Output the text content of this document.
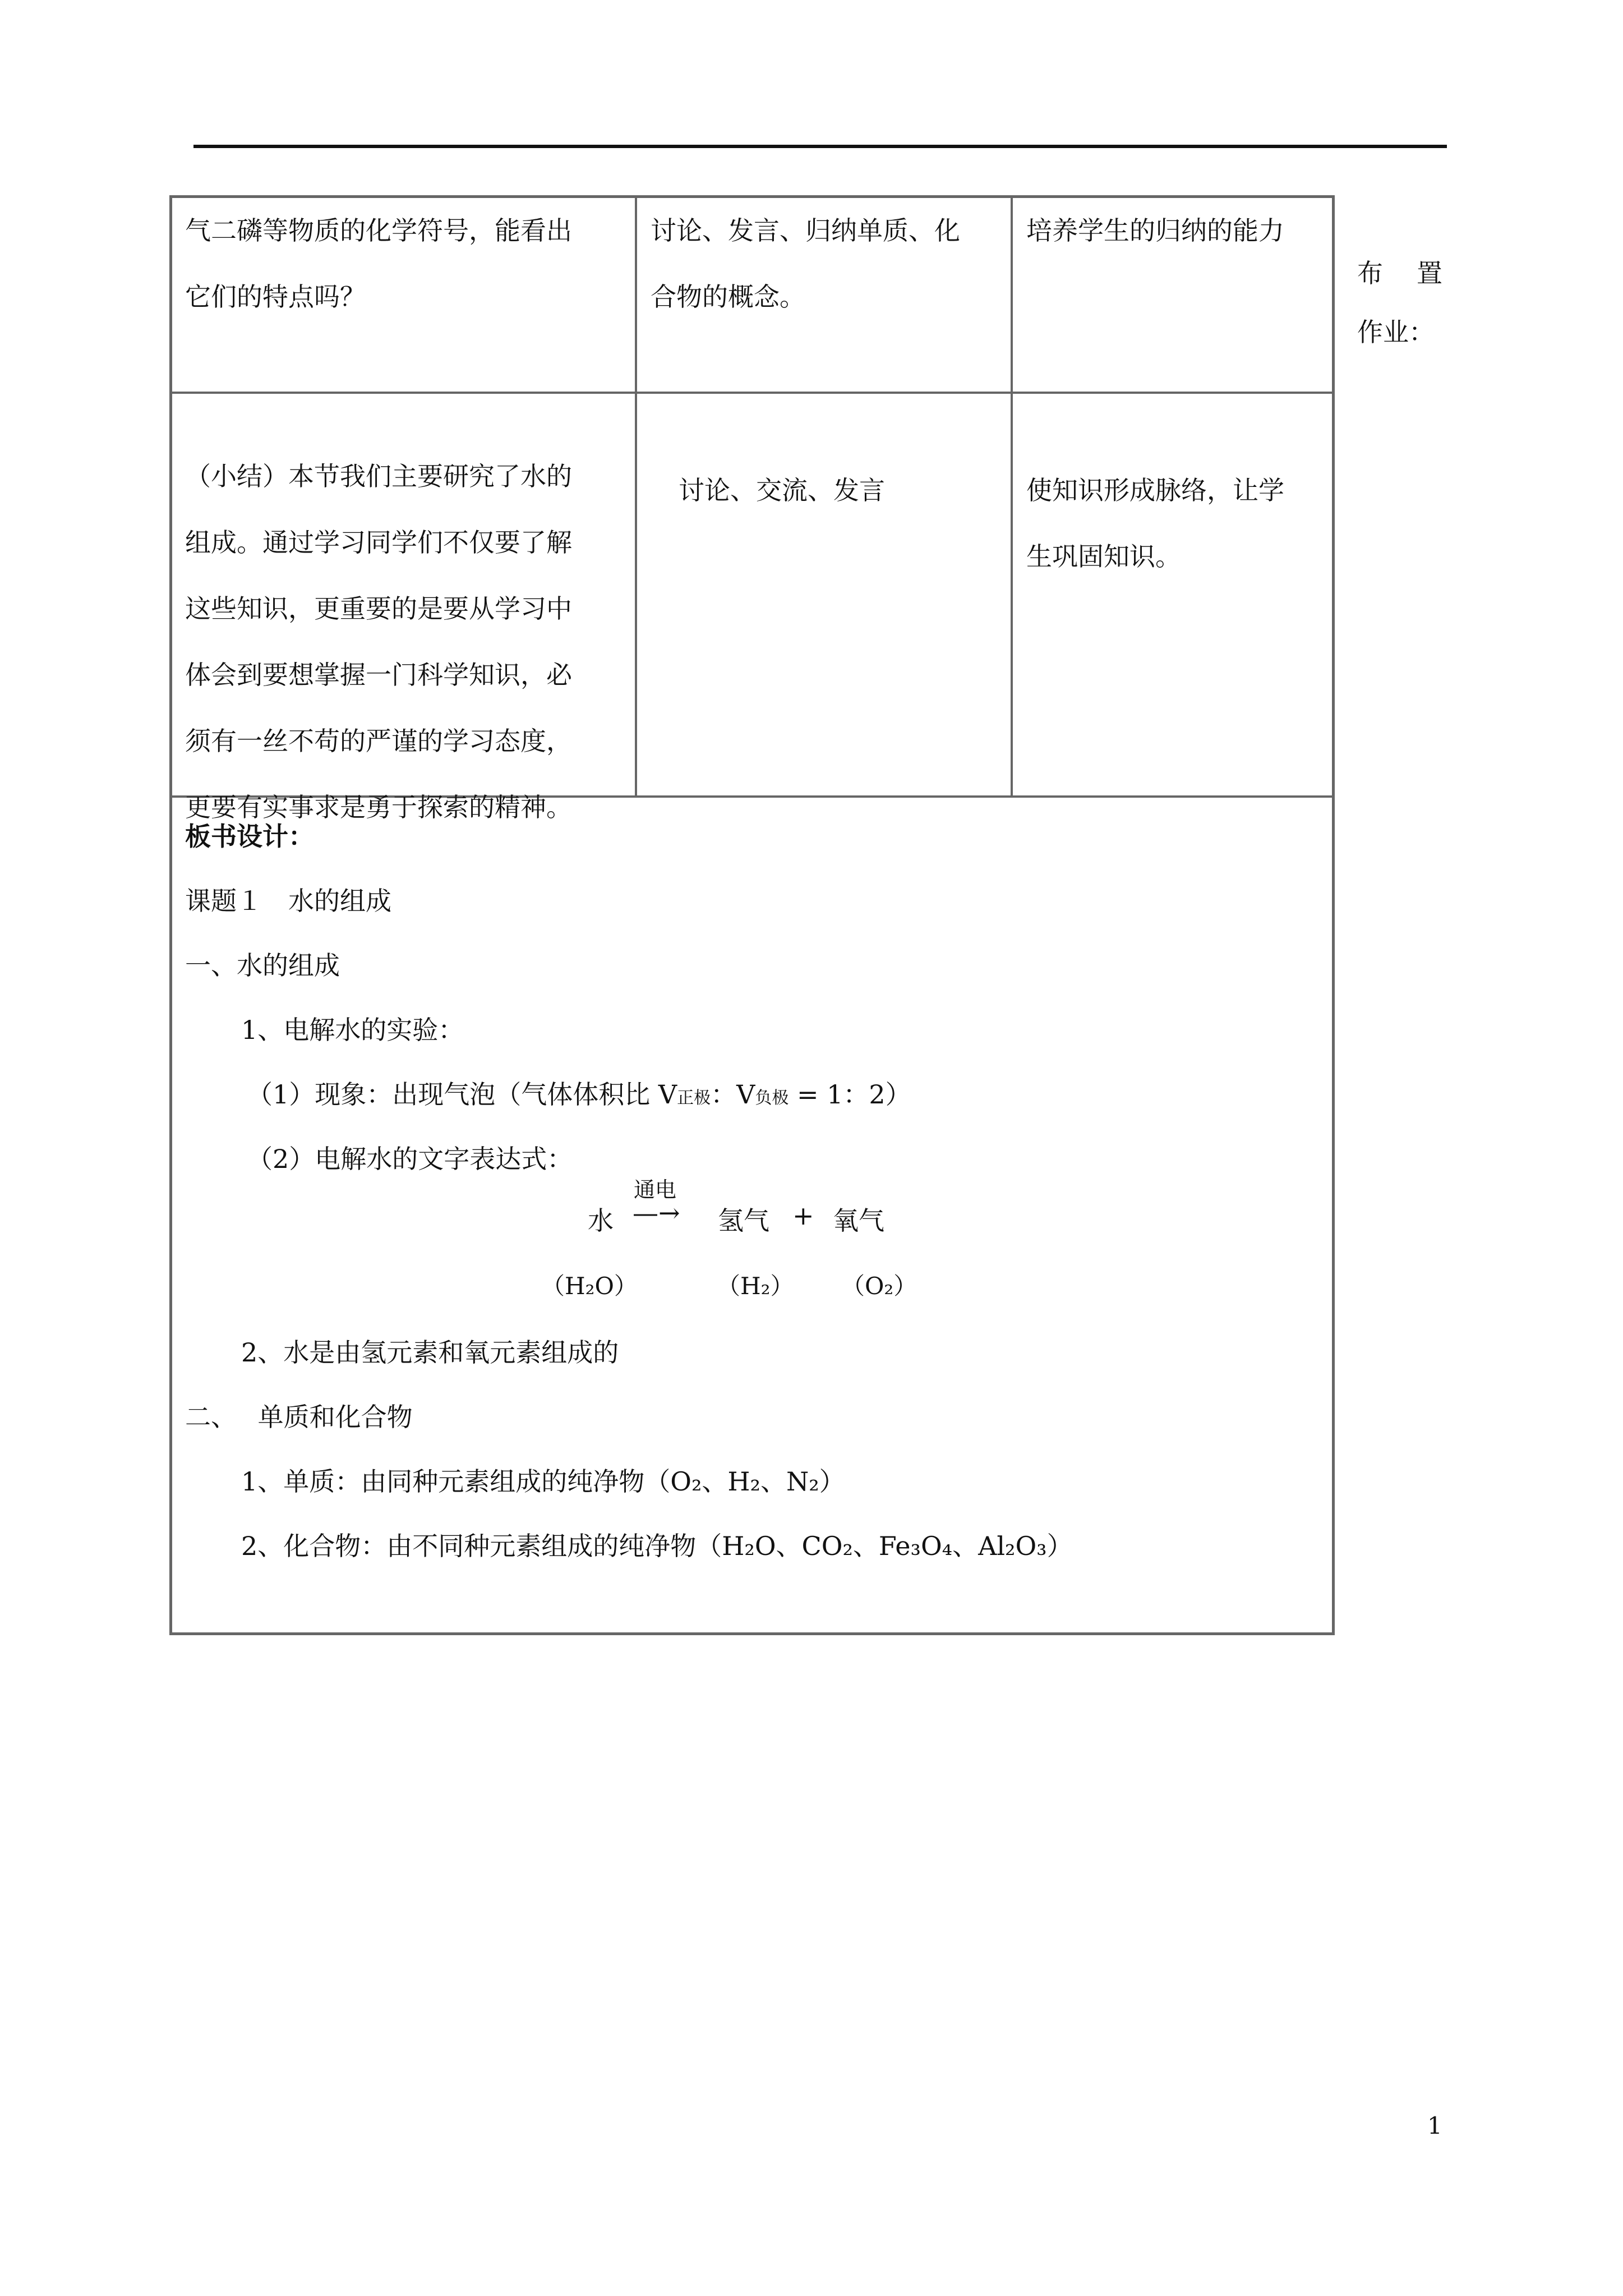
气二磷等物质的化学符号，能看出
它们的特点吗？
讨论、发言、归纳单质、化
合物的概念。
培养学生的归纳的能力
（小结）本节我们主要研究了水的
组成。通过学习同学们不仅要了解
这些知识，更重要的是要从学习中
体会到要想掌握一门科学知识，必
须有一丝不苟的严谨的学习态度，
更要有实事求是勇于探索的精神。
讨论、交流、发言	使知识形成脉络，让学
生巩固知识。
布置
作业：
板书设计：
课题１　水的组成
一、水的组成
1、电解水的实验：
（1）现象：出现气泡（气体体积比 V正极：V负极 = 1：2）
（2）电解水的文字表达式：
通电
水 —→ 氢气 + 氧气
（H₂O）	（H₂） （O₂）
2、水是由氢元素和氧元素组成的
二、　 单质和化合物
1、单质：由同种元素组成的纯净物（O₂、H₂、N₂）
2、化合物：由不同种元素组成的纯净物（H₂O、CO₂、Fe₃O₄、Al₂O₃）
1
